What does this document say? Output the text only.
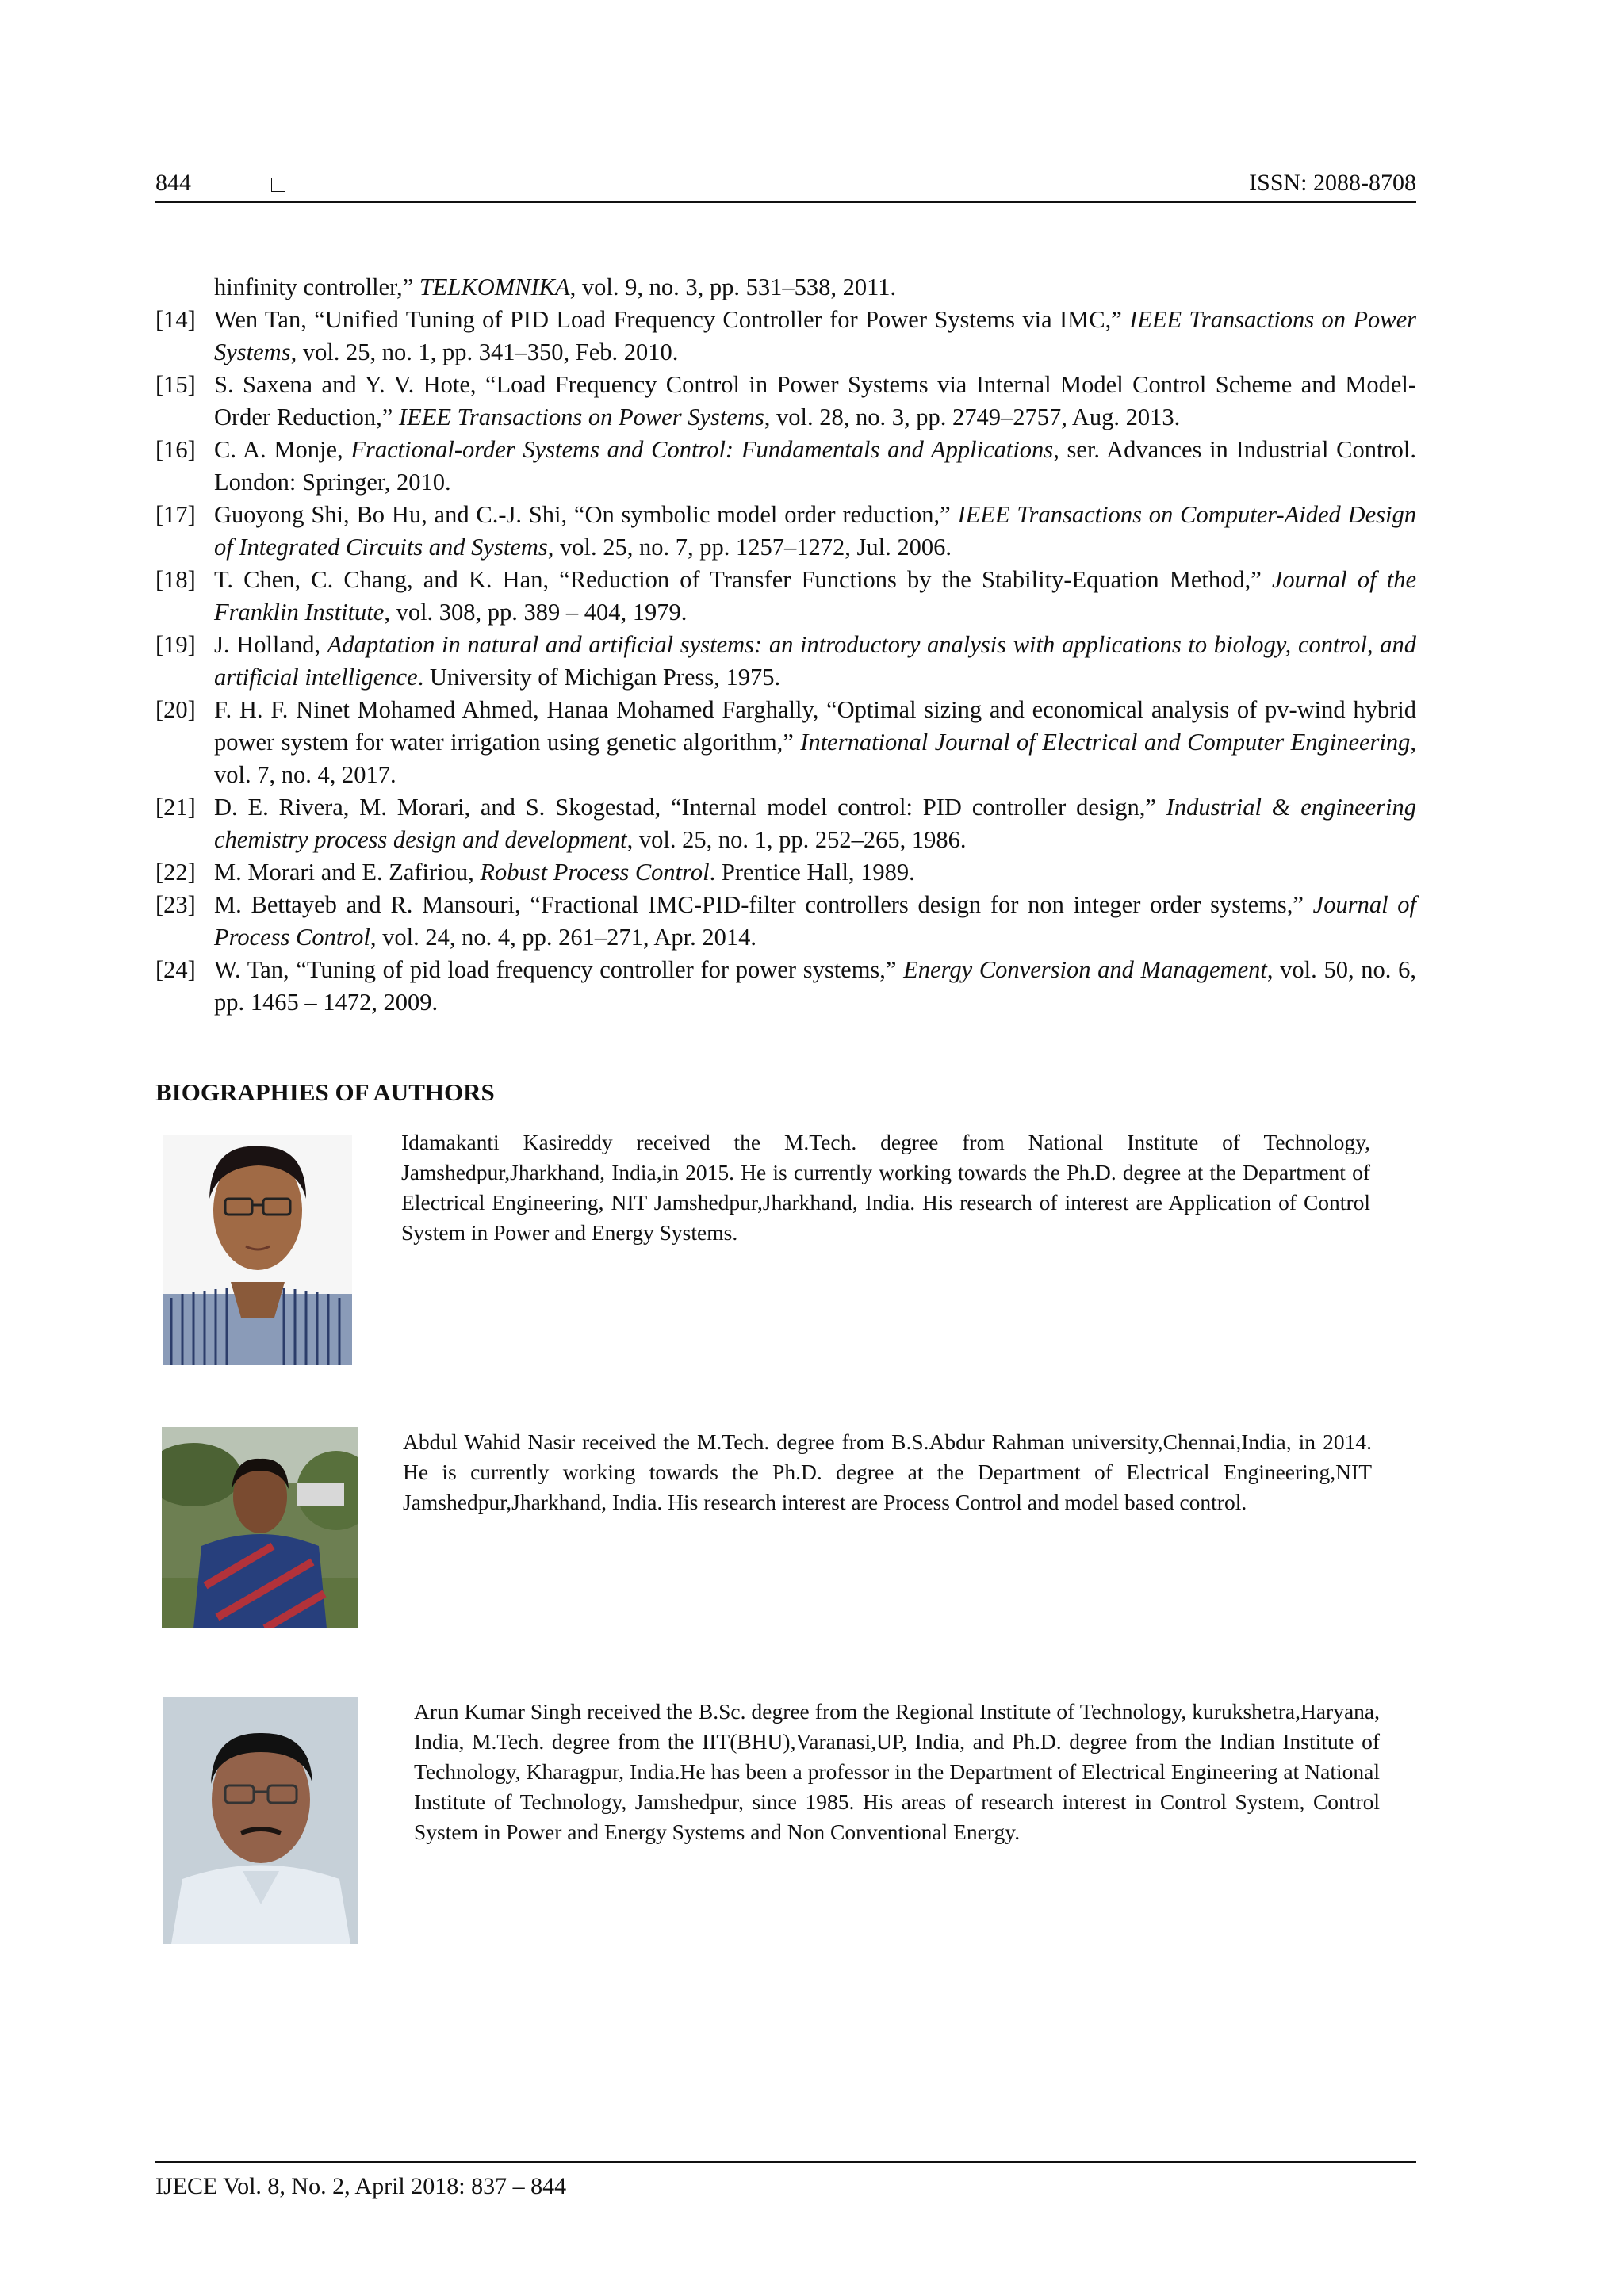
844	ISSN: 2088-8708
hinfinity controller,” TELKOMNIKA, vol. 9, no. 3, pp. 531–538, 2011.
[14] Wen Tan, “Unified Tuning of PID Load Frequency Controller for Power Systems via IMC,” IEEE Transactions on Power Systems, vol. 25, no. 1, pp. 341–350, Feb. 2010.
[15] S. Saxena and Y. V. Hote, “Load Frequency Control in Power Systems via Internal Model Control Scheme and Model-Order Reduction,” IEEE Transactions on Power Systems, vol. 28, no. 3, pp. 2749–2757, Aug. 2013.
[16] C. A. Monje, Fractional-order Systems and Control: Fundamentals and Applications, ser. Advances in Industrial Control. London: Springer, 2010.
[17] Guoyong Shi, Bo Hu, and C.-J. Shi, “On symbolic model order reduction,” IEEE Transactions on Computer-Aided Design of Integrated Circuits and Systems, vol. 25, no. 7, pp. 1257–1272, Jul. 2006.
[18] T. Chen, C. Chang, and K. Han, “Reduction of Transfer Functions by the Stability-Equation Method,” Journal of the Franklin Institute, vol. 308, pp. 389 – 404, 1979.
[19] J. Holland, Adaptation in natural and artificial systems: an introductory analysis with applications to biology, control, and artificial intelligence. University of Michigan Press, 1975.
[20] F. H. F. Ninet Mohamed Ahmed, Hanaa Mohamed Farghally, “Optimal sizing and economical analysis of pv-wind hybrid power system for water irrigation using genetic algorithm,” International Journal of Electrical and Computer Engineering, vol. 7, no. 4, 2017.
[21] D. E. Rivera, M. Morari, and S. Skogestad, “Internal model control: PID controller design,” Industrial & engineering chemistry process design and development, vol. 25, no. 1, pp. 252–265, 1986.
[22] M. Morari and E. Zafiriou, Robust Process Control. Prentice Hall, 1989.
[23] M. Bettayeb and R. Mansouri, “Fractional IMC-PID-filter controllers design for non integer order systems,” Journal of Process Control, vol. 24, no. 4, pp. 261–271, Apr. 2014.
[24] W. Tan, “Tuning of pid load frequency controller for power systems,” Energy Conversion and Management, vol. 50, no. 6, pp. 1465 – 1472, 2009.
BIOGRAPHIES OF AUTHORS
Idamakanti Kasireddy received the M.Tech. degree from National Institute of Technology, Jamshedpur,Jharkhand, India,in 2015. He is currently working towards the Ph.D. degree at the Department of Electrical Engineering, NIT Jamshedpur,Jharkhand, India. His research of interest are Application of Control System in Power and Energy Systems.
Abdul Wahid Nasir received the M.Tech. degree from B.S.Abdur Rahman university,Chennai,India, in 2014. He is currently working towards the Ph.D. degree at the Department of Electrical Engineering,NIT Jamshedpur,Jharkhand, India. His research interest are Process Control and model based control.
Arun Kumar Singh received the B.Sc. degree from the Regional Institute of Technology, kurukshetra,Haryana, India, M.Tech. degree from the IIT(BHU),Varanasi,UP, India, and Ph.D. degree from the Indian Institute of Technology, Kharagpur, India.He has been a professor in the Department of Electrical Engineering at National Institute of Technology, Jamshedpur, since 1985. His areas of research interest in Control System, Control System in Power and Energy Systems and Non Conventional Energy.
IJECE Vol. 8, No. 2, April 2018: 837 – 844
